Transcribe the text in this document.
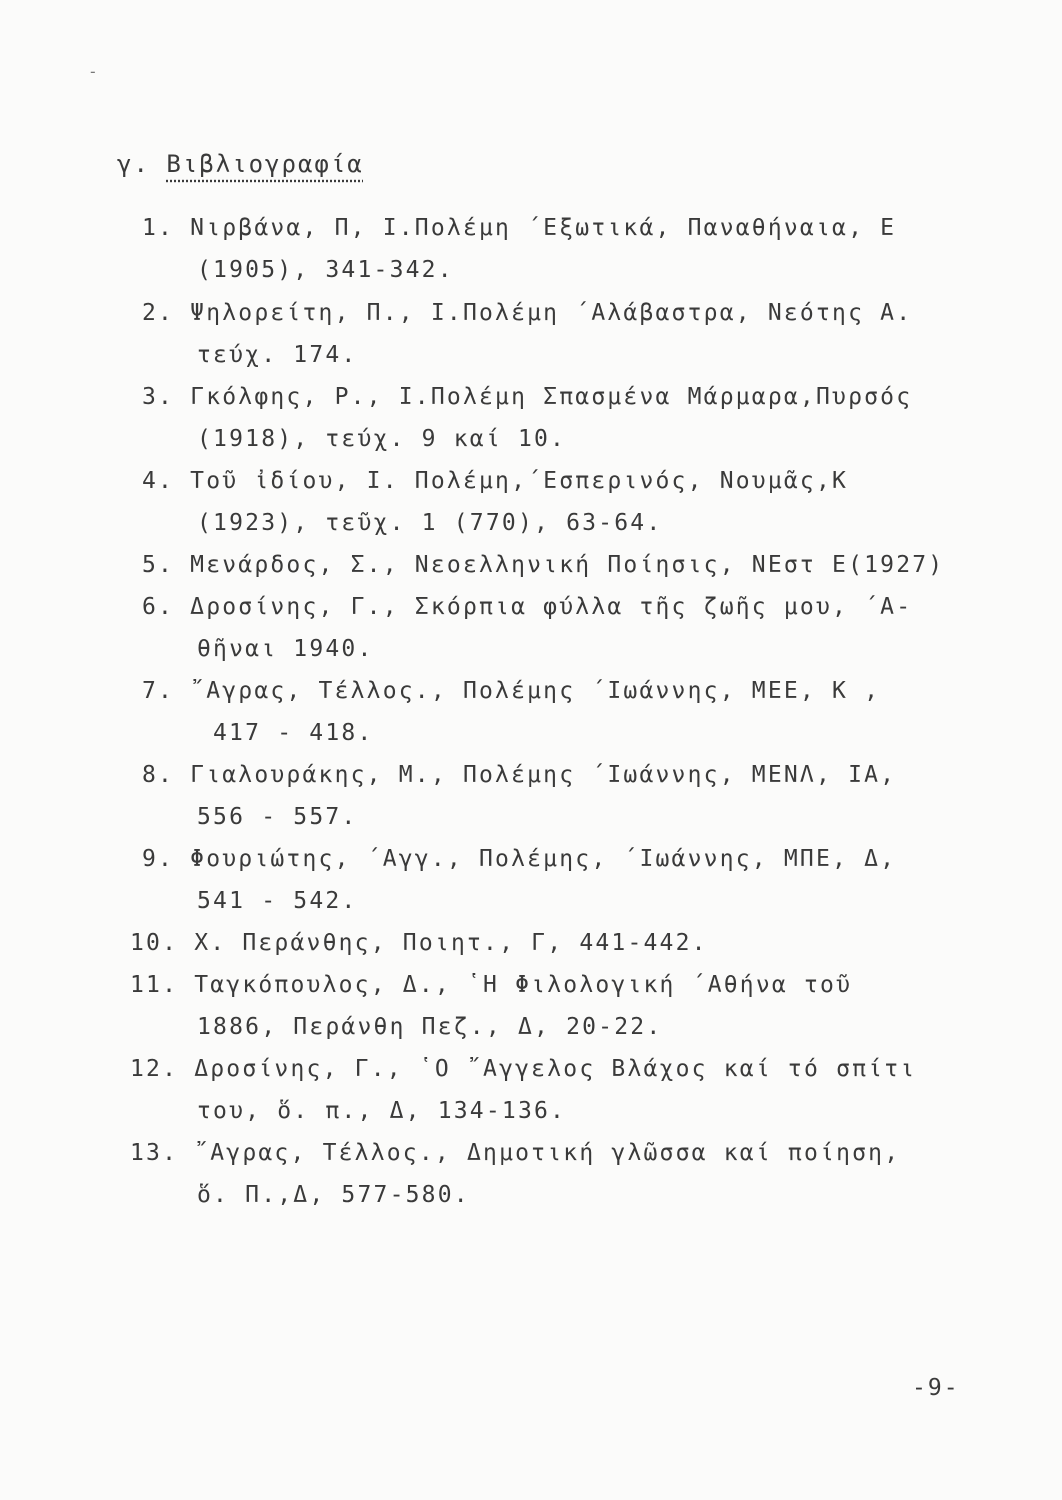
-
γ. Βιβλιογραφία
1. Νιρβάνα, Π, Ι.Πολέμη ΄Εξωτικά, Παναθήναια, Ε
(1905), 341-342.
2. Ψηλορείτη, Π., Ι.Πολέμη ΄Αλάβαστρα, Νεότης Α.
τεύχ. 174.
3. Γκόλφης, Ρ., Ι.Πολέμη Σπασμένα Μάρμαρα,Πυρσός
(1918), τεύχ. 9 καί 10.
4. Τοῦ ἰδίου, Ι. Πολέμη,΄Εσπερινός, Νουμᾶς,Κ
(1923), τεῦχ. 1 (770), 63-64.
5. Μενάρδος, Σ., Νεοελληνική Ποίησις, ΝΕστ Ε(1927)
6. Δροσίνης, Γ., Σκόρπια φύλλα τῆς ζωῆς μου, ΄Α-
θῆναι 1940.
7. ῎Αγρας, Τέλλος., Πολέμης ΄Ιωάννης, ΜΕΕ, Κ ,
417 - 418.
8. Γιαλουράκης, Μ., Πολέμης ΄Ιωάννης, ΜΕΝΛ, ΙΑ,
556 - 557.
9. Φουριώτης, ΄Αγγ., Πολέμης, ΄Ιωάννης, ΜΠΕ, Δ,
541 - 542.
10. Χ. Περάνθης, Ποιητ., Γ, 441-442.
11. Ταγκόπουλος, Δ., ῾Η Φιλολογική ΄Αθήνα τοῦ
1886, Περάνθη Πεζ., Δ, 20-22.
12. Δροσίνης, Γ., ῾Ο ῎Αγγελος Βλάχος καί τό σπίτι
του, ὅ. π., Δ, 134-136.
13. ῎Αγρας, Τέλλος., Δημοτική γλῶσσα καί ποίηση,
ὅ. Π.,Δ, 577-580.
-9-
